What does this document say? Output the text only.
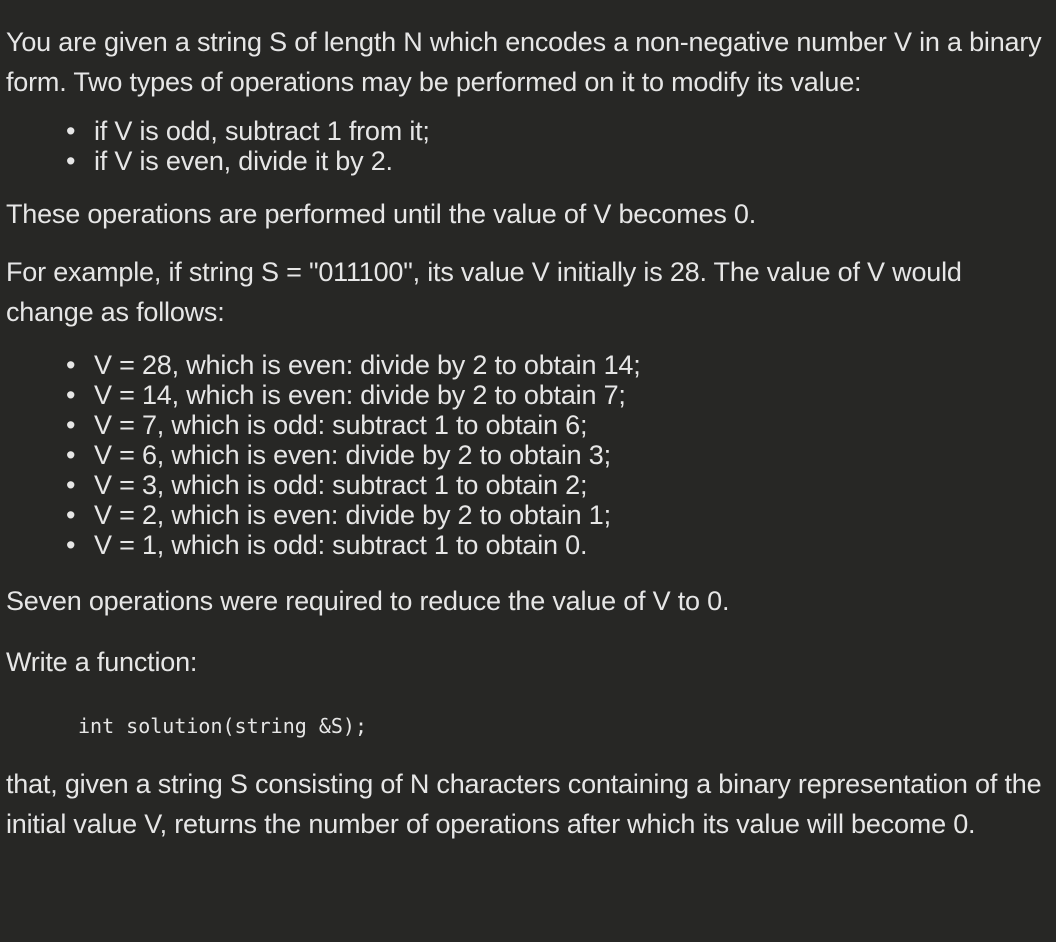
You are given a string S of length N which encodes a non-negative number V in a binary form. Two types of operations may be performed on it to modify its value:

• if V is odd, subtract 1 from it;
• if V is even, divide it by 2.

These operations are performed until the value of V becomes 0.

For example, if string S = "011100", its value V initially is 28. The value of V would change as follows:

• V = 28, which is even: divide by 2 to obtain 14;
• V = 14, which is even: divide by 2 to obtain 7;
• V = 7, which is odd: subtract 1 to obtain 6;
• V = 6, which is even: divide by 2 to obtain 3;
• V = 3, which is odd: subtract 1 to obtain 2;
• V = 2, which is even: divide by 2 to obtain 1;
• V = 1, which is odd: subtract 1 to obtain 0.

Seven operations were required to reduce the value of V to 0.

Write a function:

int solution(string &S);

that, given a string S consisting of N characters containing a binary representation of the initial value V, returns the number of operations after which its value will become 0.
